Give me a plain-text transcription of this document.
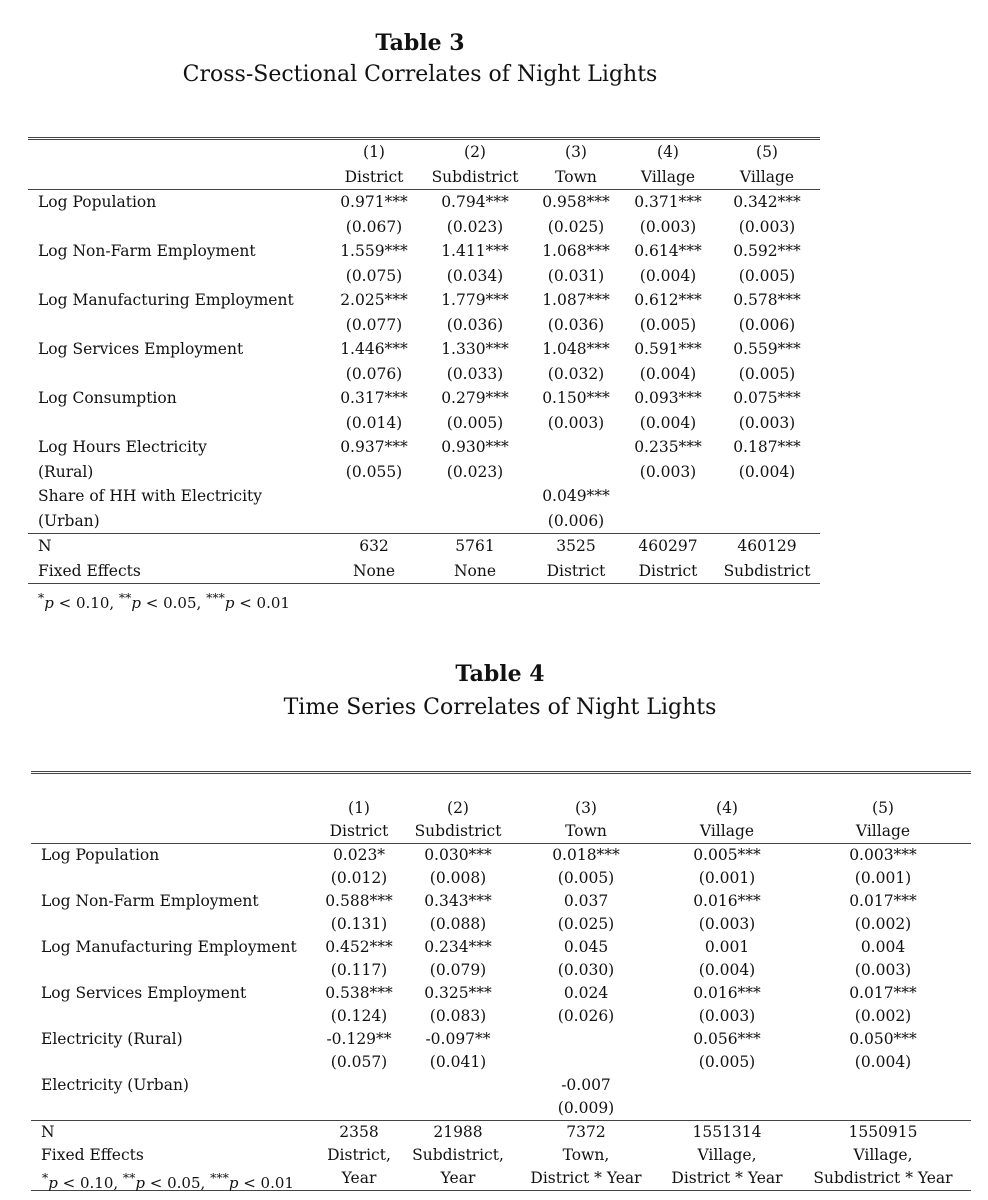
Table 3
Cross-Sectional Correlates of Night Lights

	(1)	(2)	(3)	(4)	(5)
	District	Subdistrict	Town	Village	Village
Log Population	0.971***	0.794***	0.958***	0.371***	0.342***
	(0.067)	(0.023)	(0.025)	(0.003)	(0.003)
Log Non-Farm Employment	1.559***	1.411***	1.068***	0.614***	0.592***
	(0.075)	(0.034)	(0.031)	(0.004)	(0.005)
Log Manufacturing Employment	2.025***	1.779***	1.087***	0.612***	0.578***
	(0.077)	(0.036)	(0.036)	(0.005)	(0.006)
Log Services Employment	1.446***	1.330***	1.048***	0.591***	0.559***
	(0.076)	(0.033)	(0.032)	(0.004)	(0.005)
Log Consumption	0.317***	0.279***	0.150***	0.093***	0.075***
	(0.014)	(0.005)	(0.003)	(0.004)	(0.003)
Log Hours Electricity	0.937***	0.930***		0.235***	0.187***
(Rural)	(0.055)	(0.023)		(0.003)	(0.004)
Share of HH with Electricity			0.049***		
(Urban)			(0.006)		
N	632	5761	3525	460297	460129
Fixed Effects	None	None	District	District	Subdistrict
*p < 0.10, **p < 0.05, ***p < 0.01
Table 4
Time Series Correlates of Night Lights

	(1)	(2)	(3)	(4)	(5)
	District	Subdistrict	Town	Village	Village
Log Population	0.023*	0.030***	0.018***	0.005***	0.003***
	(0.012)	(0.008)	(0.005)	(0.001)	(0.001)
Log Non-Farm Employment	0.588***	0.343***	0.037	0.016***	0.017***
	(0.131)	(0.088)	(0.025)	(0.003)	(0.002)
Log Manufacturing Employment	0.452***	0.234***	0.045	0.001	0.004
	(0.117)	(0.079)	(0.030)	(0.004)	(0.003)
Log Services Employment	0.538***	0.325***	0.024	0.016***	0.017***
	(0.124)	(0.083)	(0.026)	(0.003)	(0.002)
Electricity (Rural)	-0.129**	-0.097**		0.056***	0.050***
	(0.057)	(0.041)		(0.005)	(0.004)
Electricity (Urban)			-0.007		
			(0.009)		
N	2358	21988	7372	1551314	1550915
Fixed Effects	District,	Subdistrict,	Town,	Village,	Village,
	Year	Year	District * Year	District * Year	Subdistrict * Year
*p < 0.10, **p < 0.05, ***p < 0.01
